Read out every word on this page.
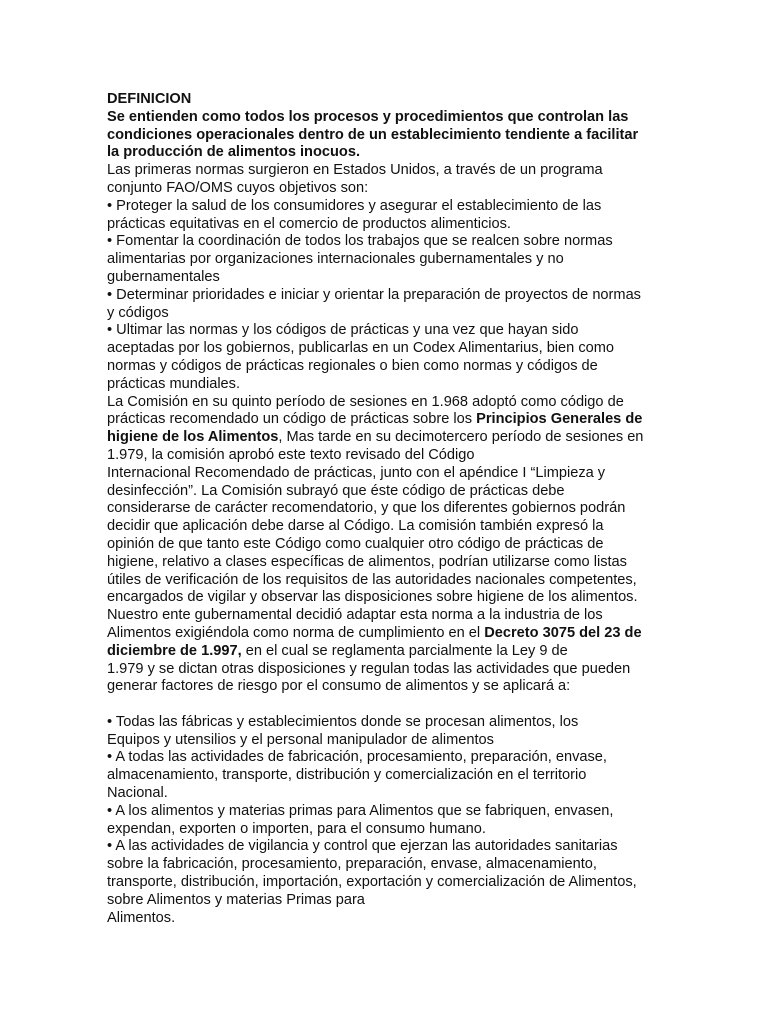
DEFINICION
Se entienden como todos los procesos y procedimientos que controlan las
condiciones operacionales dentro de un establecimiento tendiente a facilitar
la producción de alimentos inocuos.
Las primeras normas surgieron en Estados Unidos, a través de un programa
conjunto FAO/OMS cuyos objetivos son:
• Proteger la salud de los consumidores y asegurar el establecimiento de las
prácticas equitativas en el comercio de productos alimenticios.
• Fomentar la coordinación de todos los trabajos que se realcen sobre normas
alimentarias por organizaciones internacionales gubernamentales y no
gubernamentales
• Determinar prioridades e iniciar y orientar la preparación de proyectos de normas
y códigos
• Ultimar las normas y los códigos de prácticas y una vez que hayan sido
aceptadas por los gobiernos, publicarlas en un Codex Alimentarius, bien como
normas y códigos de prácticas regionales o bien como normas y códigos de
prácticas mundiales.
La Comisión en su quinto período de sesiones en 1.968 adoptó como código de
prácticas recomendado un código de prácticas sobre los Principios Generales de
higiene de los Alimentos, Mas tarde en su decimotercero período de sesiones en
1.979, la comisión aprobó este texto revisado del Código
Internacional Recomendado de prácticas, junto con el apéndice I “Limpieza y
desinfección”. La Comisión subrayó que éste código de prácticas debe
considerarse de carácter recomendatorio, y que los diferentes gobiernos podrán
decidir que aplicación debe darse al Código. La comisión también expresó la
opinión de que tanto este Código como cualquier otro código de prácticas de
higiene, relativo a clases específicas de alimentos, podrían utilizarse como listas
útiles de verificación de los requisitos de las autoridades nacionales competentes,
encargados de vigilar y observar las disposiciones sobre higiene de los alimentos.
Nuestro ente gubernamental decidió adaptar esta norma a la industria de los
Alimentos exigiéndola como norma de cumplimiento en el Decreto 3075 del 23 de
diciembre de 1.997, en el cual se reglamenta parcialmente la Ley 9 de
1.979 y se dictan otras disposiciones y regulan todas las actividades que pueden
generar factores de riesgo por el consumo de alimentos y se aplicará a:
• Todas las fábricas y establecimientos donde se procesan alimentos, los
Equipos y utensilios y el personal manipulador de alimentos
• A todas las actividades de fabricación, procesamiento, preparación, envase,
almacenamiento, transporte, distribución y comercialización en el territorio
Nacional.
• A los alimentos y materias primas para Alimentos que se fabriquen, envasen,
expendan, exporten o importen, para el consumo humano.
• A las actividades de vigilancia y control que ejerzan las autoridades sanitarias
sobre la fabricación, procesamiento, preparación, envase, almacenamiento,
transporte, distribución, importación, exportación y comercialización de Alimentos,
sobre Alimentos y materias Primas para
Alimentos.
